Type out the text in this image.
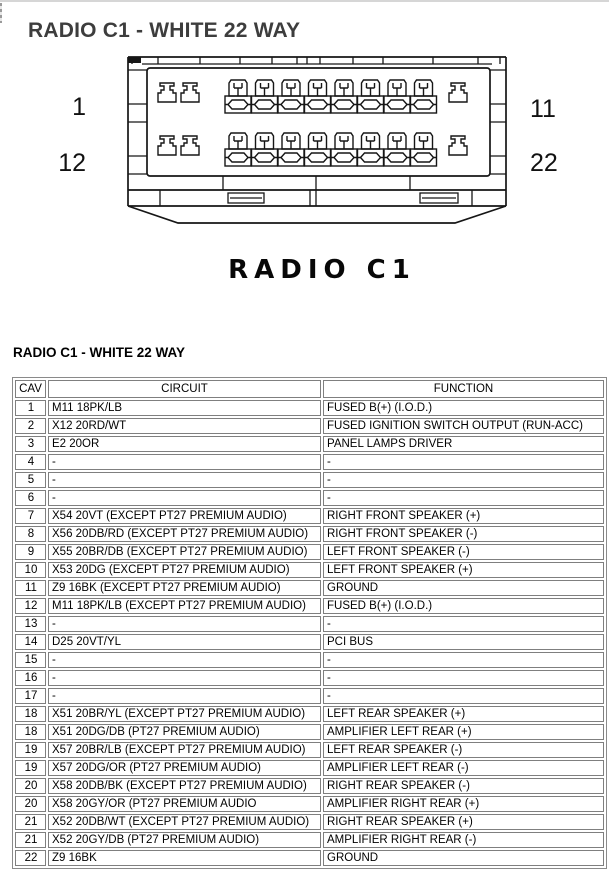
RADIO C1 - WHITE 22 WAY
1
12
11
22
RADIO C1
RADIO C1 - WHITE 22 WAY
CAV	CIRCUIT	FUNCTION
1	M11 18PK/LB	FUSED B(+) (I.O.D.)
2	X12 20RD/WT	FUSED IGNITION SWITCH OUTPUT (RUN-ACC)
3	E2 20OR	PANEL LAMPS DRIVER
4	-	-
5	-	-
6	-	-
7	X54 20VT (EXCEPT PT27 PREMIUM AUDIO)	RIGHT FRONT SPEAKER (+)
8	X56 20DB/RD (EXCEPT PT27 PREMIUM AUDIO)	RIGHT FRONT SPEAKER (-)
9	X55 20BR/DB (EXCEPT PT27 PREMIUM AUDIO)	LEFT FRONT SPEAKER (-)
10	X53 20DG (EXCEPT PT27 PREMIUM AUDIO)	LEFT FRONT SPEAKER (+)
11	Z9 16BK (EXCEPT PT27 PREMIUM AUDIO)	GROUND
12	M11 18PK/LB (EXCEPT PT27 PREMIUM AUDIO)	FUSED B(+) (I.O.D.)
13	-	-
14	D25 20VT/YL	PCI BUS
15	-	-
16	-	-
17	-	-
18	X51 20BR/YL (EXCEPT PT27 PREMIUM AUDIO)	LEFT REAR SPEAKER (+)
18	X51 20DG/DB (PT27 PREMIUM AUDIO)	AMPLIFIER LEFT REAR (+)
19	X57 20BR/LB (EXCEPT PT27 PREMIUM AUDIO)	LEFT REAR SPEAKER (-)
19	X57 20DG/OR (PT27 PREMIUM AUDIO)	AMPLIFIER LEFT REAR (-)
20	X58 20DB/BK (EXCEPT PT27 PREMIUM AUDIO)	RIGHT REAR SPEAKER (-)
20	X58 20GY/OR (PT27 PREMIUM AUDIO	AMPLIFIER RIGHT REAR (+)
21	X52 20DB/WT (EXCEPT PT27 PREMIUM AUDIO)	RIGHT REAR SPEAKER (+)
21	X52 20GY/DB (PT27 PREMIUM AUDIO)	AMPLIFIER RIGHT REAR (-)
22	Z9 16BK	GROUND
